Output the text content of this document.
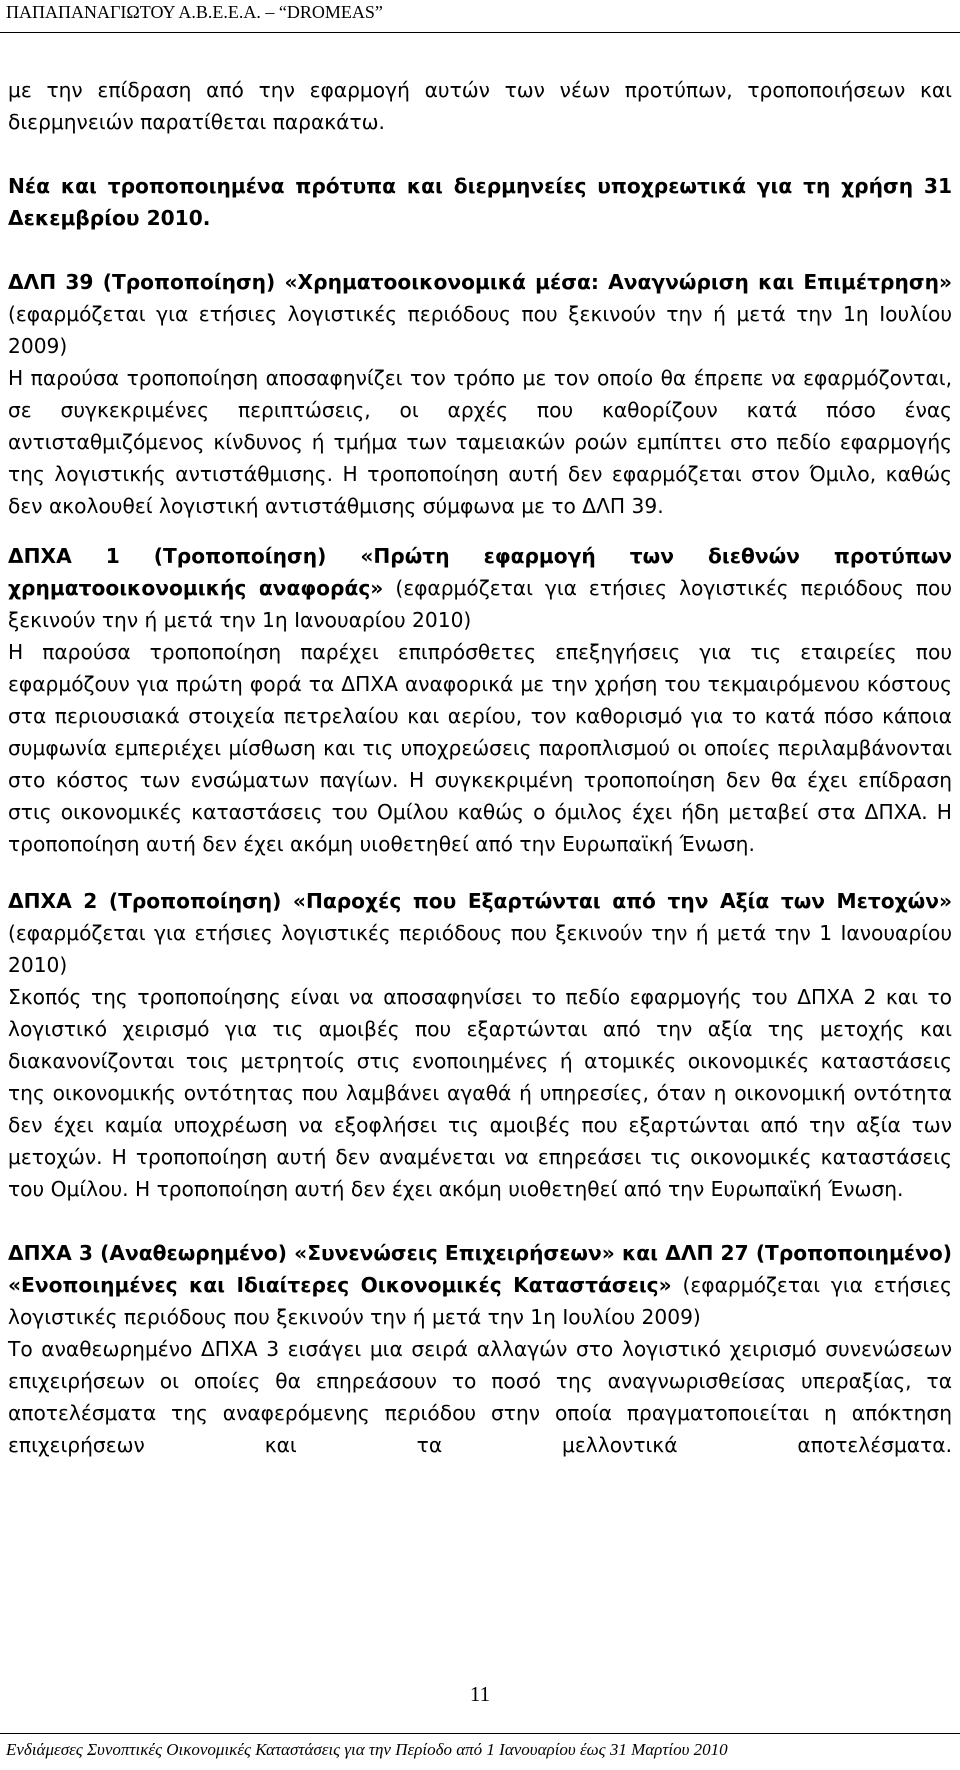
ΠΑΠΑΠΑΝΑΓΙΩΤΟΥ Α.Β.Ε.Ε.Α. – “DROMEAS”

με την επίδραση από την εφαρμογή αυτών των νέων προτύπων, τροποποιήσεων και διερμηνειών παρατίθεται παρακάτω.

Νέα και τροποποιημένα πρότυπα και διερμηνείες υποχρεωτικά για τη χρήση 31 Δεκεμβρίου 2010.

ΔΛΠ 39 (Τροποποίηση) «Χρηματοοικονομικά μέσα: Αναγνώριση και Επιμέτρηση» (εφαρμόζεται για ετήσιες λογιστικές περιόδους που ξεκινούν την ή μετά την 1η Ιουλίου 2009)

Η παρούσα τροποποίηση αποσαφηνίζει τον τρόπο με τον οποίο θα έπρεπε να εφαρμόζονται, σε συγκεκριμένες περιπτώσεις, οι αρχές που καθορίζουν κατά πόσο ένας αντισταθμιζόμενος κίνδυνος ή τμήμα των ταμειακών ροών εμπίπτει στο πεδίο εφαρμογής της λογιστικής αντιστάθμισης. Η τροποποίηση αυτή δεν εφαρμόζεται στον Όμιλο, καθώς δεν ακολουθεί λογιστική αντιστάθμισης σύμφωνα με το ΔΛΠ 39.

ΔΠΧΑ 1 (Τροποποίηση) «Πρώτη εφαρμογή των διεθνών προτύπων χρηματοοικονομικής αναφοράς» (εφαρμόζεται για ετήσιες λογιστικές περιόδους που ξεκινούν την ή μετά την 1η Ιανουαρίου 2010)

Η παρούσα τροποποίηση παρέχει επιπρόσθετες επεξηγήσεις για τις εταιρείες που εφαρμόζουν για πρώτη φορά τα ΔΠΧΑ αναφορικά με την χρήση του τεκμαιρόμενου κόστους στα περιουσιακά στοιχεία πετρελαίου και αερίου, τον καθορισμό για το κατά πόσο κάποια συμφωνία εμπεριέχει μίσθωση και τις υποχρεώσεις παροπλισμού οι οποίες περιλαμβάνονται στο κόστος των ενσώματων παγίων. Η συγκεκριμένη τροποποίηση δεν θα έχει επίδραση στις οικονομικές καταστάσεις του Ομίλου καθώς ο όμιλος έχει ήδη μεταβεί στα ΔΠΧΑ. Η τροποποίηση αυτή δεν έχει ακόμη υιοθετηθεί από την Ευρωπαϊκή Ένωση.

ΔΠΧΑ 2 (Τροποποίηση) «Παροχές που Εξαρτώνται από την Αξία των Μετοχών» (εφαρμόζεται για ετήσιες λογιστικές περιόδους που ξεκινούν την ή μετά την 1 Ιανουαρίου 2010)

Σκοπός της τροποποίησης είναι να αποσαφηνίσει το πεδίο εφαρμογής του ΔΠΧΑ 2 και το λογιστικό χειρισμό για τις αμοιβές που εξαρτώνται από την αξία της μετοχής και διακανονίζονται τοις μετρητοίς στις ενοποιημένες ή ατομικές οικονομικές καταστάσεις της οικονομικής οντότητας που λαμβάνει αγαθά ή υπηρεσίες, όταν η οικονομική οντότητα δεν έχει καμία υποχρέωση να εξοφλήσει τις αμοιβές που εξαρτώνται από την αξία των μετοχών. Η τροποποίηση αυτή δεν αναμένεται να επηρεάσει τις οικονομικές καταστάσεις του Ομίλου. Η τροποποίηση αυτή δεν έχει ακόμη υιοθετηθεί από την Ευρωπαϊκή Ένωση.

ΔΠΧΑ 3 (Αναθεωρημένο) «Συνενώσεις Επιχειρήσεων» και ΔΛΠ 27 (Τροποποιημένο) «Ενοποιημένες και Ιδιαίτερες Οικονομικές Καταστάσεις» (εφαρμόζεται για ετήσιες λογιστικές περιόδους που ξεκινούν την ή μετά την 1η Ιουλίου 2009)

Το αναθεωρημένο ΔΠΧΑ 3 εισάγει μια σειρά αλλαγών στο λογιστικό χειρισμό συνενώσεων επιχειρήσεων οι οποίες θα επηρεάσουν το ποσό της αναγνωρισθείσας υπεραξίας, τα αποτελέσματα της αναφερόμενης περιόδου στην οποία πραγματοποιείται η απόκτηση επιχειρήσεων και τα μελλοντικά αποτελέσματα.

11
Ενδιάμεσες Συνοπτικές Οικονομικές Καταστάσεις για την Περίοδο από 1 Ιανουαρίου έως 31 Μαρτίου 2010
